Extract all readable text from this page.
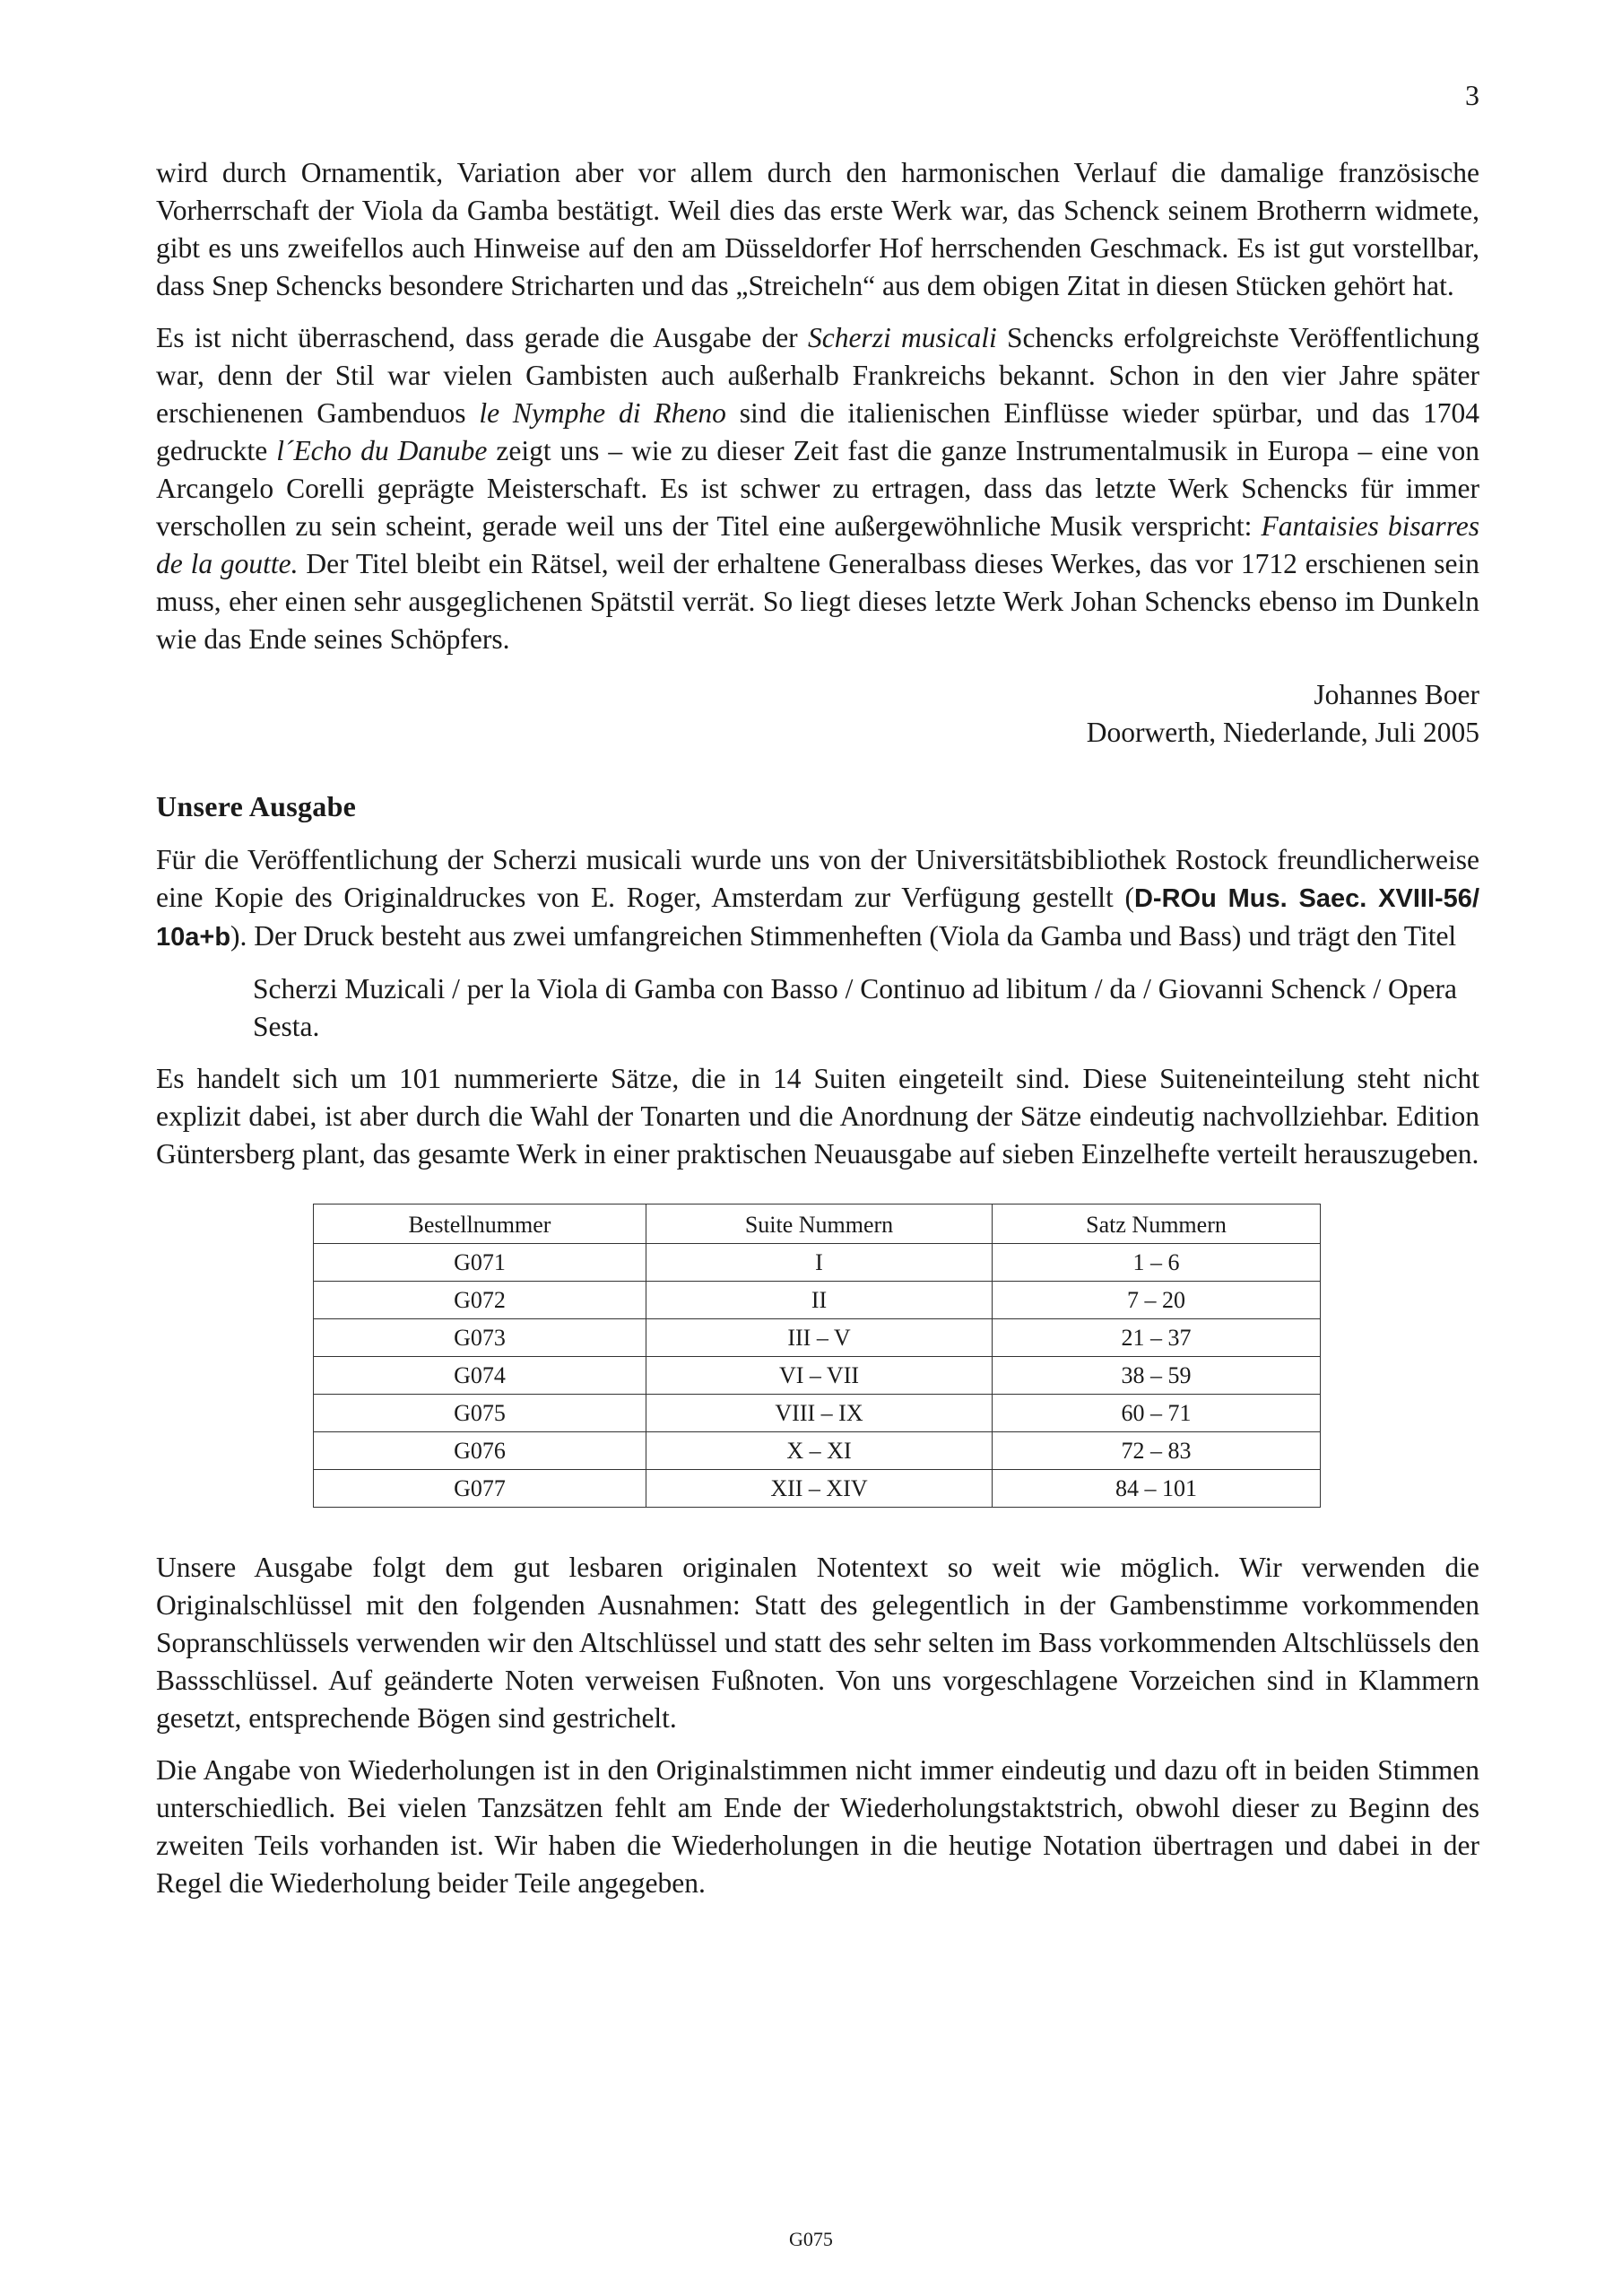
3

wird durch Ornamentik, Variation aber vor allem durch den harmonischen Verlauf die damalige französische Vorherrschaft der Viola da Gamba bestätigt. Weil dies das erste Werk war, das Schenck seinem Brotherrn widmete, gibt es uns zweifellos auch Hinweise auf den am Düsseldorfer Hof herrschenden Geschmack. Es ist gut vorstellbar, dass Snep Schencks besondere Stricharten und das „Streicheln“ aus dem obigen Zitat in diesen Stücken gehört hat.

Es ist nicht überraschend, dass gerade die Ausgabe der Scherzi musicali Schencks erfolgreichste Veröffentlichung war, denn der Stil war vielen Gambisten auch außerhalb Frankreichs bekannt. Schon in den vier Jahre später erschienenen Gambenduos le Nymphe di Rheno sind die italienischen Einflüsse wieder spürbar, und das 1704 gedruckte l´Echo du Danube zeigt uns – wie zu dieser Zeit fast die ganze Instrumentalmusik in Europa – eine von Arcangelo Corelli geprägte Meisterschaft. Es ist schwer zu ertragen, dass das letzte Werk Schencks für immer verschollen zu sein scheint, gerade weil uns der Titel eine außergewöhnliche Musik verspricht: Fantaisies bisarres de la goutte. Der Titel bleibt ein Rätsel, weil der erhaltene Generalbass dieses Werkes, das vor 1712 erschienen sein muss, eher einen sehr ausgeglichenen Spätstil verrät. So liegt dieses letzte Werk Johan Schencks ebenso im Dunkeln wie das Ende seines Schöpfers.

Johannes Boer

Doorwerth, Niederlande, Juli 2005

Unsere Ausgabe

Für die Veröffentlichung der Scherzi musicali wurde uns von der Universitätsbibliothek Rostock freundlicherweise eine Kopie des Originaldruckes von E. Roger, Amsterdam zur Verfügung gestellt (D-ROu Mus. Saec. XVIII-56/ 10a+b). Der Druck besteht aus zwei umfangreichen Stimmenheften (Viola da Gamba und Bass) und trägt den Titel

Scherzi Muzicali / per la Viola di Gamba con Basso / Continuo ad libitum / da / Giovanni Schenck / Opera Sesta.

Es handelt sich um 101 nummerierte Sätze, die in 14 Suiten eingeteilt sind. Diese Suiteneinteilung steht nicht explizit dabei, ist aber durch die Wahl der Tonarten und die Anordnung der Sätze eindeutig nachvollziehbar. Edition Güntersberg plant, das gesamte Werk in einer praktischen Neuausgabe auf sieben Einzelhefte verteilt herauszugeben.

Bestellnummer	Suite Nummern	Satz Nummern
G071	I	1 – 6
G072	II	7 – 20
G073	III – V	21 – 37
G074	VI – VII	38 – 59
G075	VIII – IX	60 – 71
G076	X – XI	72 – 83
G077	XII – XIV	84 – 101

Unsere Ausgabe folgt dem gut lesbaren originalen Notentext so weit wie möglich. Wir verwenden die Originalschlüssel mit den folgenden Ausnahmen: Statt des gelegentlich in der Gambenstimme vorkommenden Sopranschlüssels verwenden wir den Altschlüssel und statt des sehr selten im Bass vorkommenden Altschlüssels den Bassschlüssel. Auf geänderte Noten verweisen Fußnoten. Von uns vorgeschlagene Vorzeichen sind in Klammern gesetzt, entsprechende Bögen sind gestrichelt.

Die Angabe von Wiederholungen ist in den Originalstimmen nicht immer eindeutig und dazu oft in beiden Stimmen unterschiedlich. Bei vielen Tanzsätzen fehlt am Ende der Wiederholungstaktstrich, obwohl dieser zu Beginn des zweiten Teils vorhanden ist. Wir haben die Wiederholungen in die heutige Notation übertragen und dabei in der Regel die Wiederholung beider Teile angegeben.

G075
